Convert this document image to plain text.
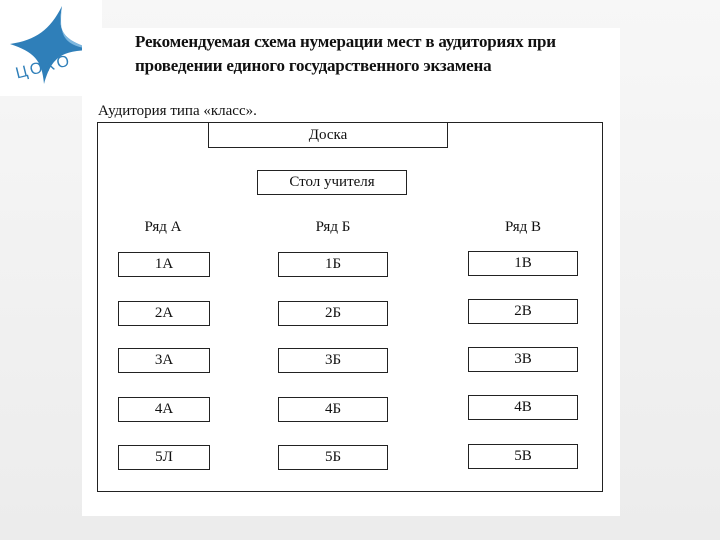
ЦОКО
Рекомендуемая схема нумерации мест в аудиториях при проведении единого государственного экзамена
Аудитория типа «класс».
Доска
Стол учителя
Ряд А	Ряд Б	Ряд В
1А
2А
3А
4А
5Л
1Б
2Б
3Б
4Б
5Б
1В
2В
3В
4В
5В
